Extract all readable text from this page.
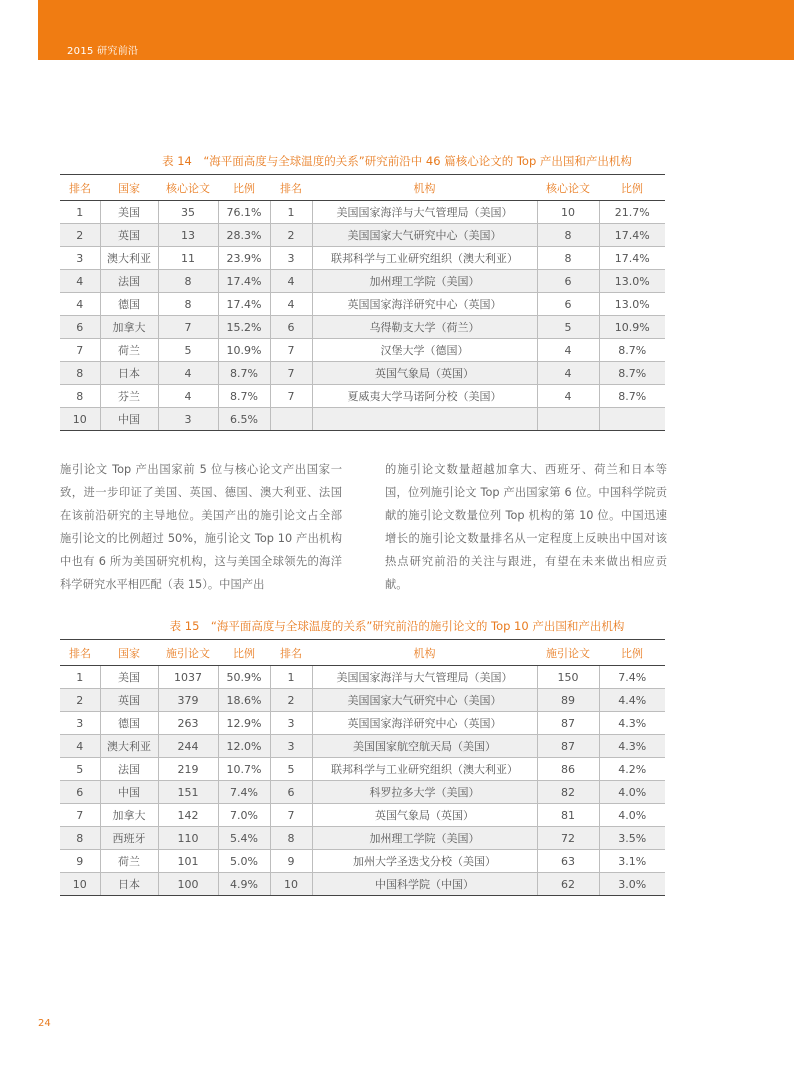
2015 研究前沿
表 14　“海平面高度与全球温度的关系”研究前沿中 46 篇核心论文的 Top 产出国和产出机构
排名	国家	核心论文	比例	排名	机构	核心论文	比例
1	美国	35	76.1%	1	美国国家海洋与大气管理局（美国）	10	21.7%
2	英国	13	28.3%	2	美国国家大气研究中心（美国）	8	17.4%
3	澳大利亚	11	23.9%	3	联邦科学与工业研究组织（澳大利亚）	8	17.4%
4	法国	8	17.4%	4	加州理工学院（美国）	6	13.0%
4	德国	8	17.4%	4	英国国家海洋研究中心（英国）	6	13.0%
6	加拿大	7	15.2%	6	乌得勒支大学（荷兰）	5	10.9%
7	荷兰	5	10.9%	7	汉堡大学（德国）	4	8.7%
8	日本	4	8.7%	7	英国气象局（英国）	4	8.7%
8	芬兰	4	8.7%	7	夏威夷大学马诺阿分校（美国）	4	8.7%
10	中国	3	6.5%				
施引论文 Top 产出国家前 5 位与核心论文产出国家一致，进一步印证了美国、英国、德国、澳大利亚、法国在该前沿研究的主导地位。美国产出的施引论文占全部施引论文的比例超过 50%，施引论文 Top 10 产出机构中也有 6 所为美国研究机构，这与美国全球领先的海洋科学研究水平相匹配（表 15）。中国产出
的施引论文数量超越加拿大、西班牙、荷兰和日本等国，位列施引论文 Top 产出国家第 6 位。中国科学院贡献的施引论文数量位列 Top 机构的第 10 位。中国迅速增长的施引论文数量排名从一定程度上反映出中国对该热点研究前沿的关注与跟进，有望在未来做出相应贡献。
表 15　“海平面高度与全球温度的关系”研究前沿的施引论文的 Top 10 产出国和产出机构
排名	国家	施引论文	比例	排名	机构	施引论文	比例
1	美国	1037	50.9%	1	美国国家海洋与大气管理局（美国）	150	7.4%
2	英国	379	18.6%	2	美国国家大气研究中心（美国）	89	4.4%
3	德国	263	12.9%	3	英国国家海洋研究中心（英国）	87	4.3%
4	澳大利亚	244	12.0%	3	美国国家航空航天局（美国）	87	4.3%
5	法国	219	10.7%	5	联邦科学与工业研究组织（澳大利亚）	86	4.2%
6	中国	151	7.4%	6	科罗拉多大学（美国）	82	4.0%
7	加拿大	142	7.0%	7	英国气象局（英国）	81	4.0%
8	西班牙	110	5.4%	8	加州理工学院（美国）	72	3.5%
9	荷兰	101	5.0%	9	加州大学圣迭戈分校（美国）	63	3.1%
10	日本	100	4.9%	10	中国科学院（中国）	62	3.0%
24
